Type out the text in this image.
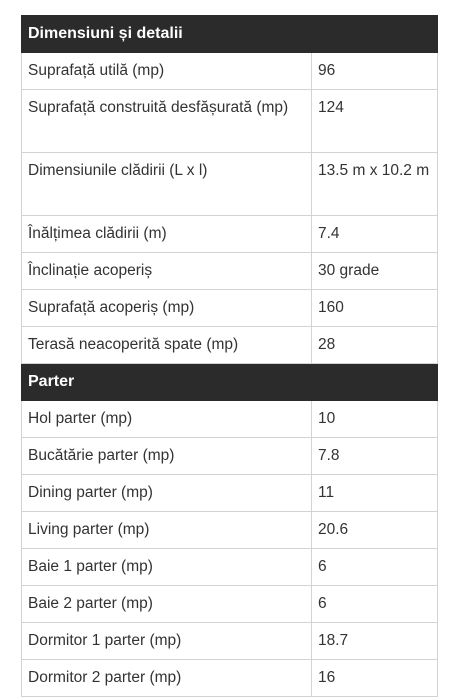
Dimensiuni și detalii	
Suprafață utilă (mp)	96
Suprafață construită desfășurată (mp)	124
Dimensiunile clădirii (L x l)	13.5 m x 10.2 m
Înălțimea clădirii (m)	7.4
Înclinație acoperiș	30 grade
Suprafață acoperiș (mp)	160
Terasă neacoperită spate (mp)	28
Parter	
Hol parter (mp)	10
Bucătărie parter (mp)	7.8
Dining parter (mp)	11
Living parter (mp)	20.6
Baie 1 parter (mp)	6
Baie 2 parter (mp)	6
Dormitor 1 parter (mp)	18.7
Dormitor 2 parter (mp)	16
